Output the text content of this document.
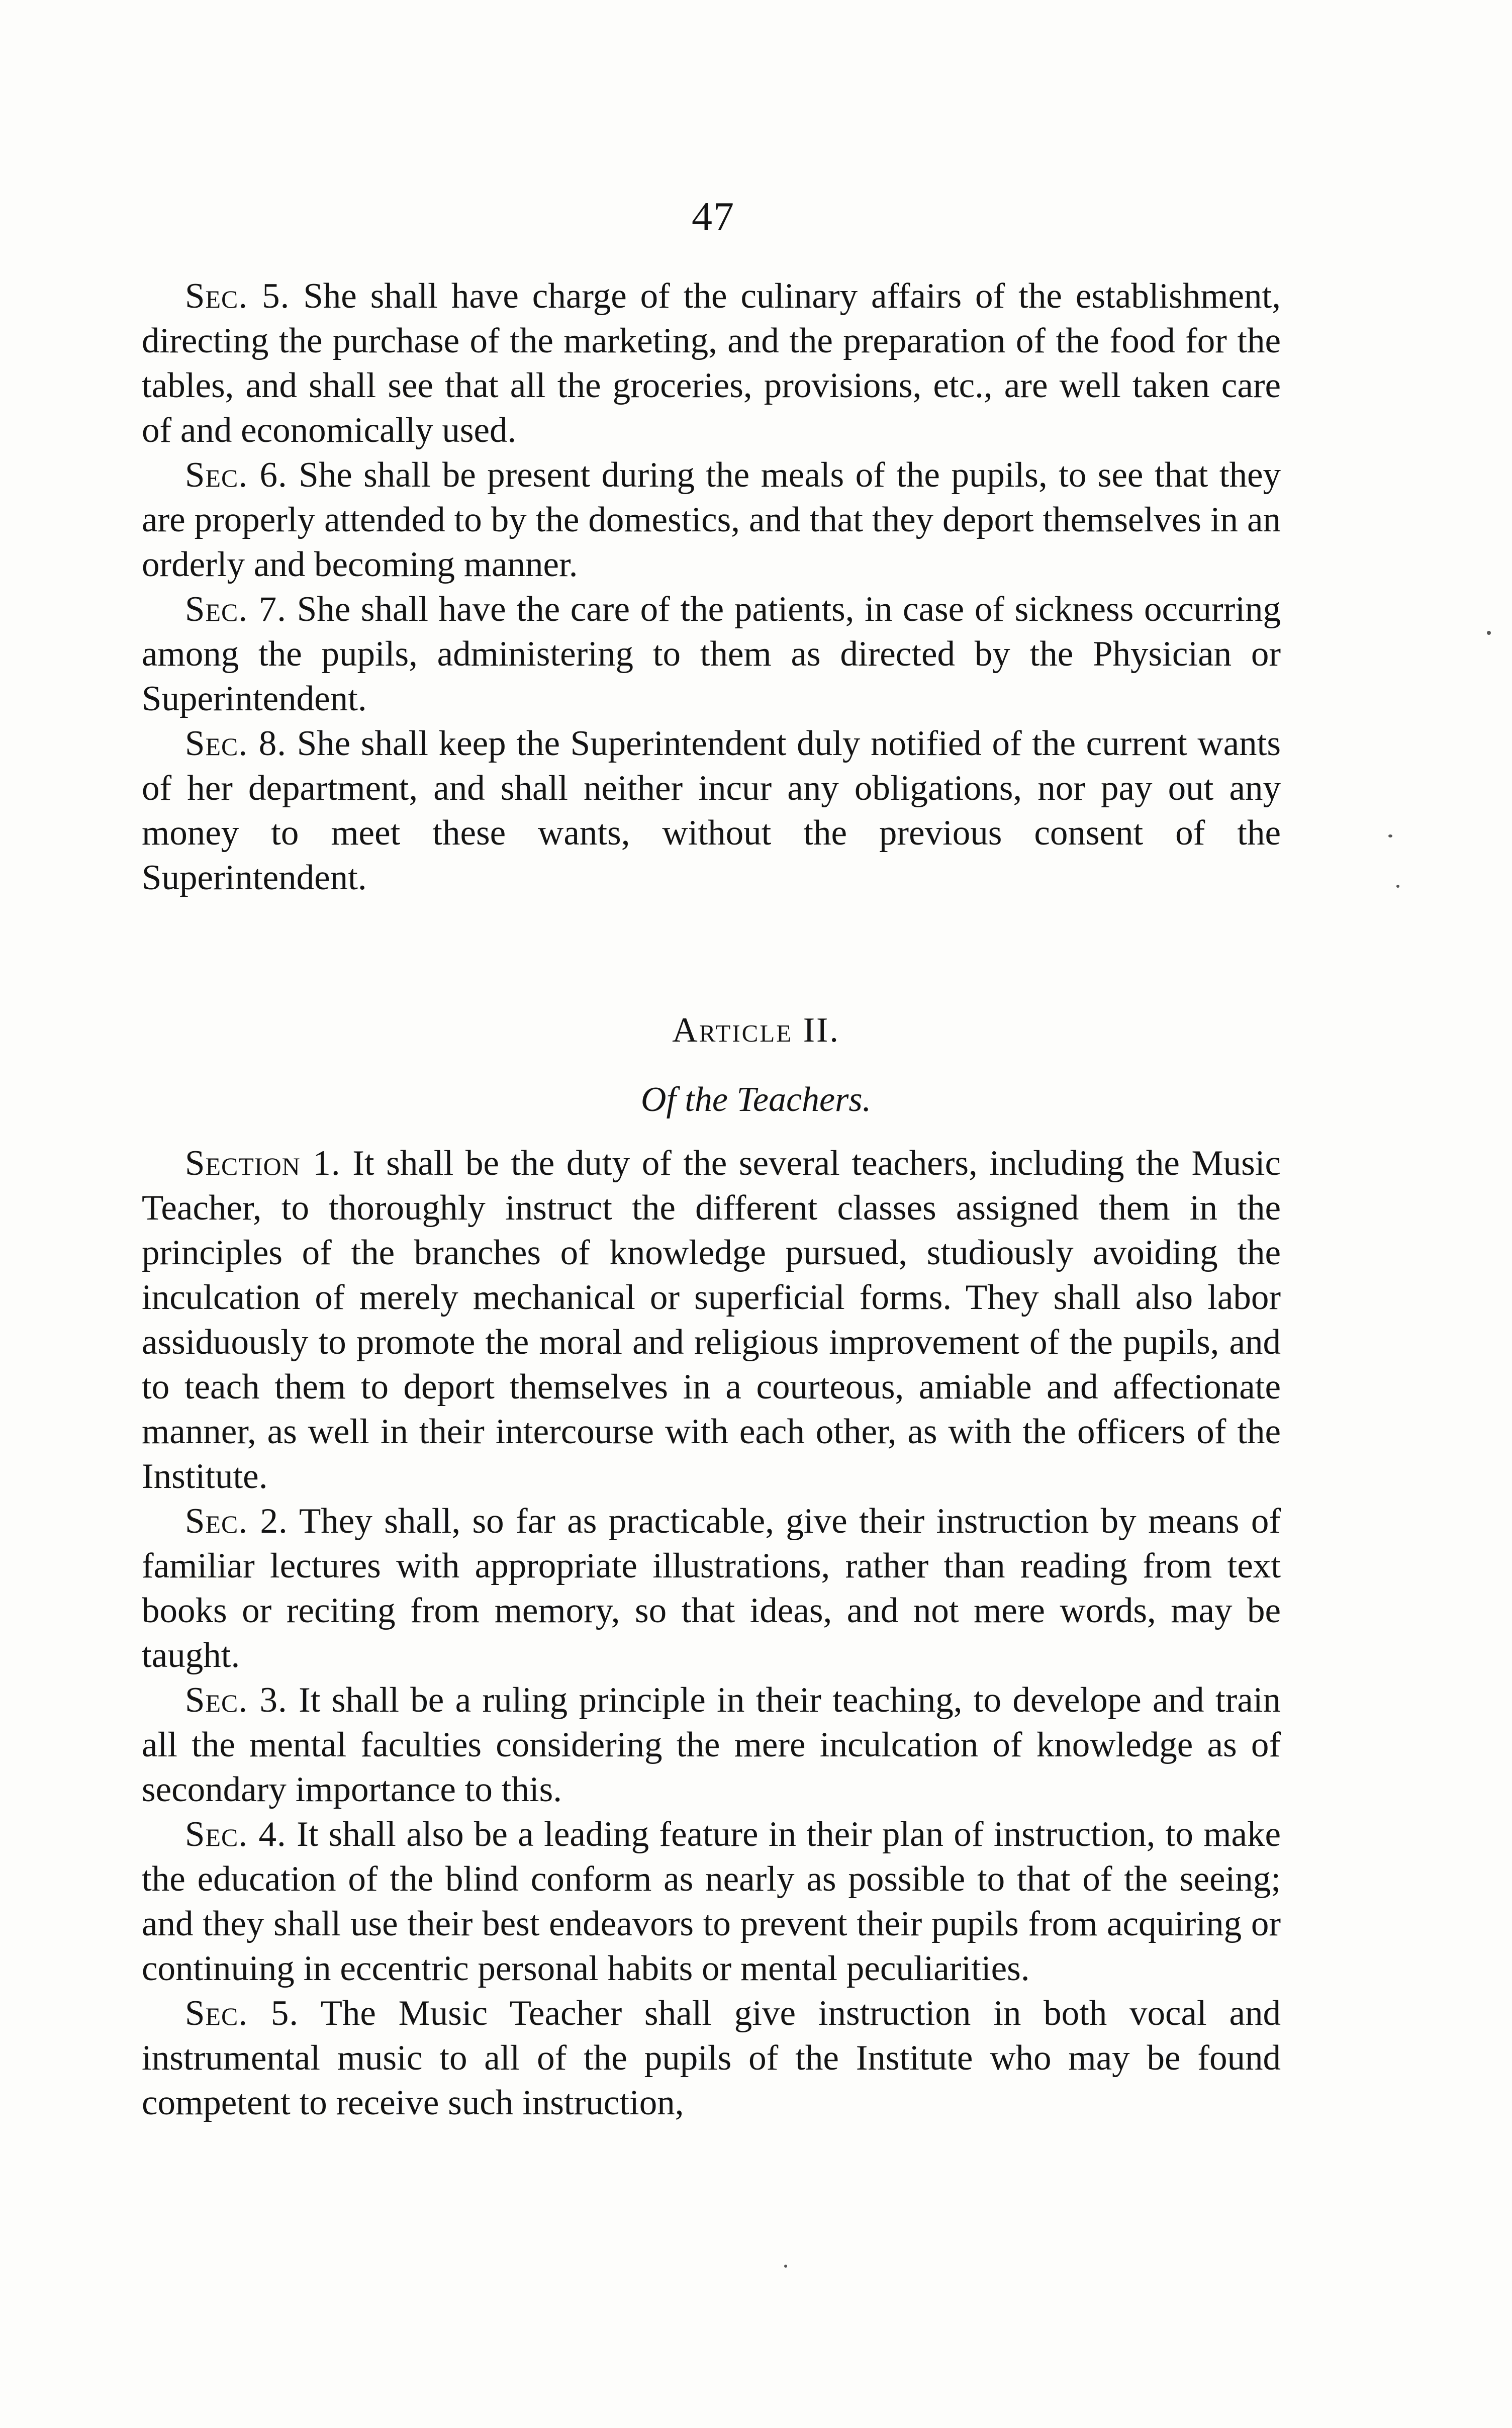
47

Sec. 5. She shall have charge of the culinary affairs of the establishment, directing the purchase of the marketing, and the preparation of the food for the tables, and shall see that all the groceries, provisions, etc., are well taken care of and economically used.

Sec. 6. She shall be present during the meals of the pupils, to see that they are properly attended to by the domestics, and that they deport themselves in an orderly and becoming manner.

Sec. 7. She shall have the care of the patients, in case of sickness occurring among the pupils, administering to them as directed by the Physician or Superintendent.

Sec. 8. She shall keep the Superintendent duly notified of the current wants of her department, and shall neither incur any obligations, nor pay out any money to meet these wants, without the previous consent of the Superintendent.

Article II.
Of the Teachers.

Section 1. It shall be the duty of the several teachers, including the Music Teacher, to thoroughly instruct the different classes assigned them in the principles of the branches of knowledge pursued, studiously avoiding the inculcation of merely mechanical or superficial forms. They shall also labor assiduously to promote the moral and religious improvement of the pupils, and to teach them to deport themselves in a courteous, amiable and affectionate manner, as well in their intercourse with each other, as with the officers of the Institute.

Sec. 2. They shall, so far as practicable, give their instruction by means of familiar lectures with appropriate illustrations, rather than reading from text books or reciting from memory, so that ideas, and not mere words, may be taught.

Sec. 3. It shall be a ruling principle in their teaching, to develope and train all the mental faculties considering the mere inculcation of knowledge as of secondary importance to this.

Sec. 4. It shall also be a leading feature in their plan of instruction, to make the education of the blind conform as nearly as possible to that of the seeing; and they shall use their best endeavors to prevent their pupils from acquiring or continuing in eccentric personal habits or mental peculiarities.

Sec. 5. The Music Teacher shall give instruction in both vocal and instrumental music to all of the pupils of the Institute who may be found competent to receive such instruction,
